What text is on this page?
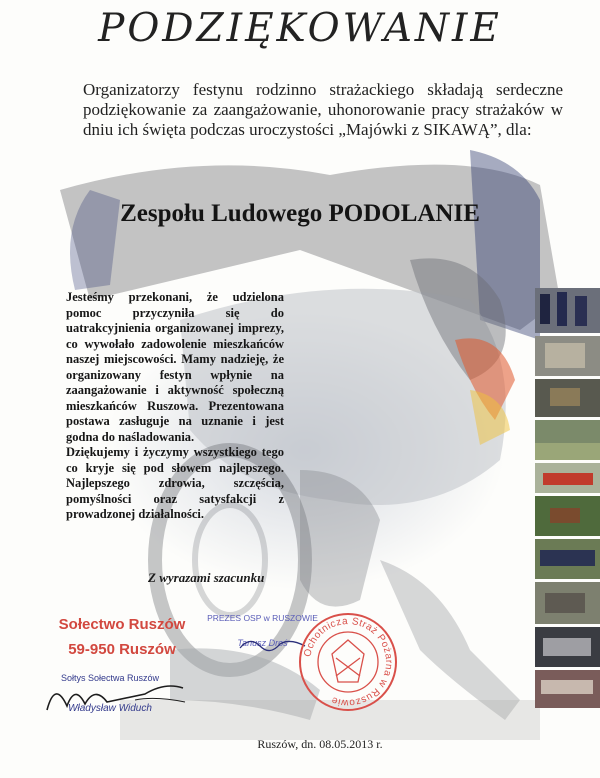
PODZIĘKOWANIE
Organizatorzy festynu rodzinno strażackiego składają serdeczne podziękowanie za zaangażowanie, uhonorowanie pracy strażaków w dniu ich święta podczas uroczystości „Majówki z SIKAWĄ”, dla:
Zespołu Ludowego PODOLANIE

Jesteśmy przekonani, że udzielona pomoc przyczyniła się do uatrakcyjnienia organizowanej imprezy, co wywołało zadowolenie mieszkańców naszej miejscowości. Mamy nadzieję, że organizowany festyn wpłynie na zaangażowanie i aktywność społeczną mieszkańców Ruszowa. Prezentowana postawa zasługuje na uznanie i jest godna do naśladowania.

Dziękujemy i życzymy wszystkiego tego co kryje się pod słowem najlepszego. Najlepszego zdrowia, szczęścia, pomyślności oraz satysfakcji z prowadzonej działalności.

Z wyrazami szacunku
Sołectwo Ruszów
59-950 Ruszów
PREZES OSP w RUSZOWIE
Tanusz Droś
Ochotnicza Straż Pożarna w Ruszowie
Sołtys Sołectwa Ruszów
Władysław Widuch
Ruszów, dn. 08.05.2013 r.
